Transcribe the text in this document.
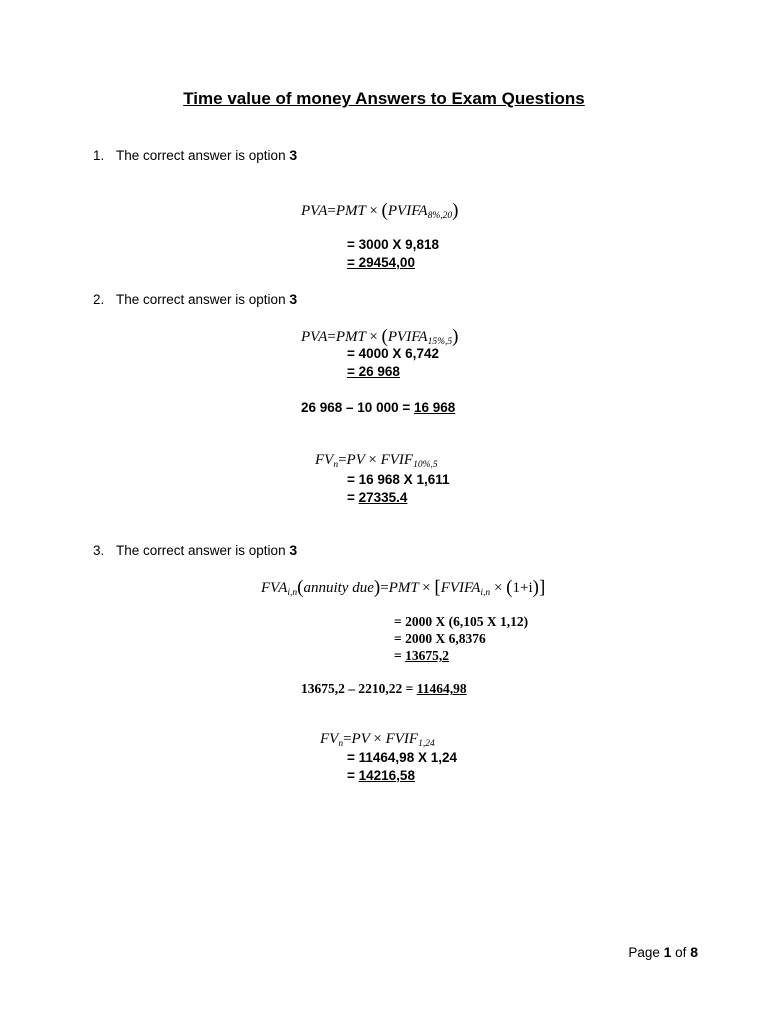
Time value of money Answers to Exam Questions
1. The correct answer is option 3
$PVA=PMT \times (PVIFA_{8\%,20})$
= 3000 X 9,818
= 29454,00
2. The correct answer is option 3
$PVA=PMT \times (PVIFA_{15\%,5})$
= 4000 X 6,742
= 26 968
26 968 – 10 000 = 16 968
$FV_n=PV$ × $FVIF_{10\%,5}$
= 16 968 X 1,611
= 27335.4
3. The correct answer is option 3
$FVA_{i,n}(annuity$ $due)=PMT \times [FVIFA_{i,n} \times (1+i)]$
= 2000 X (6,105 X 1,12)
= 2000 X 6,8376
= 13675,2
13675,2 – 2210,22 = 11464,98
$FV_n=PV$ × $FVIF_{1,24}$
= 11464,98 X 1,24
= 14216,58
Page 1 of 8
